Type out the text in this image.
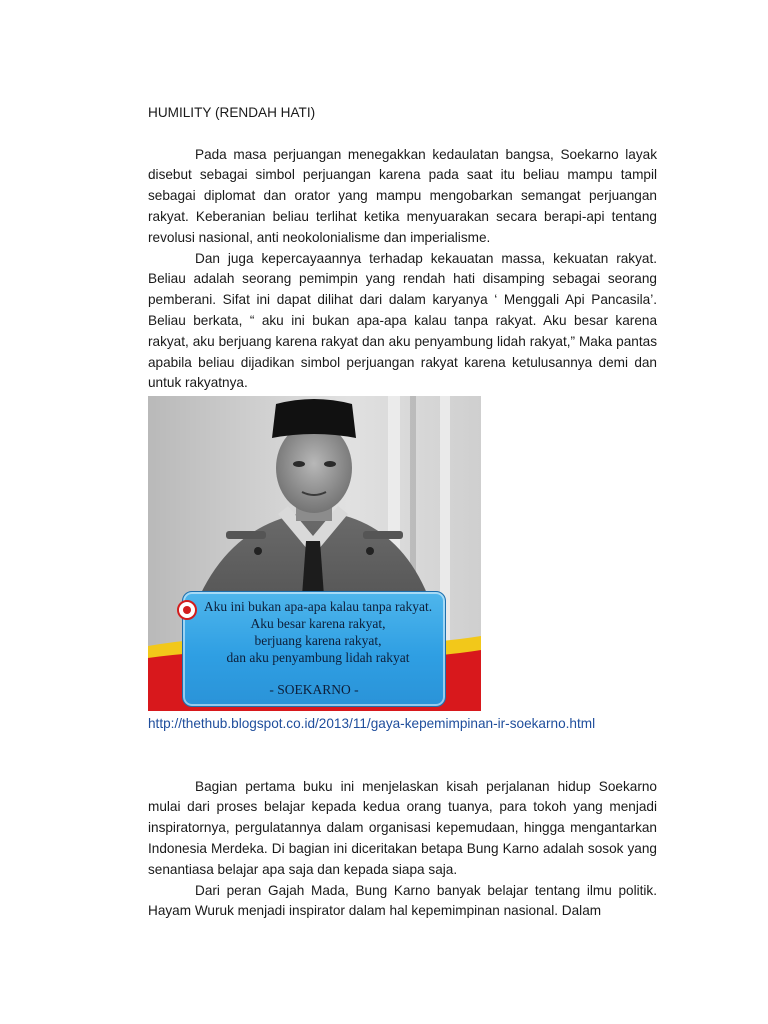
HUMILITY (RENDAH HATI)

Pada masa perjuangan menegakkan kedaulatan bangsa, Soekarno layak disebut sebagai simbol perjuangan karena pada saat itu beliau mampu tampil sebagai diplomat dan orator yang mampu mengobarkan semangat perjuangan rakyat. Keberanian beliau terlihat ketika menyuarakan secara berapi-api tentang revolusi nasional, anti neokolonialisme dan imperialisme.

Dan juga kepercayaannya terhadap kekauatan massa, kekuatan rakyat. Beliau adalah seorang pemimpin yang rendah hati disamping sebagai seorang pemberani. Sifat ini dapat dilihat dari dalam karyanya ‘ Menggali Api Pancasila’. Beliau berkata, “ aku ini bukan apa-apa kalau tanpa rakyat. Aku besar karena rakyat, aku berjuang karena rakyat dan aku penyambung lidah rakyat,” Maka pantas apabila beliau dijadikan simbol perjuangan rakyat karena ketulusannya demi dan untuk rakyatnya.

Aku ini bukan apa-apa kalau tanpa rakyat.
Aku besar karena rakyat,
berjuang karena rakyat,
dan aku penyambung lidah rakyat
- SOEKARNO -
http://thethub.blogspot.co.id/2013/11/gaya-kepemimpinan-ir-soekarno.html

Bagian pertama buku ini menjelaskan kisah perjalanan hidup Soekarno mulai dari proses belajar kepada kedua orang tuanya, para tokoh yang menjadi inspiratornya, pergulatannya dalam organisasi kepemudaan, hingga mengantarkan Indonesia Merdeka. Di bagian ini diceritakan betapa Bung Karno adalah sosok yang senantiasa belajar apa saja dan kepada siapa saja.

Dari peran Gajah Mada, Bung Karno banyak belajar tentang ilmu politik. Hayam Wuruk menjadi inspirator dalam hal kepemimpinan nasional. Dalam
